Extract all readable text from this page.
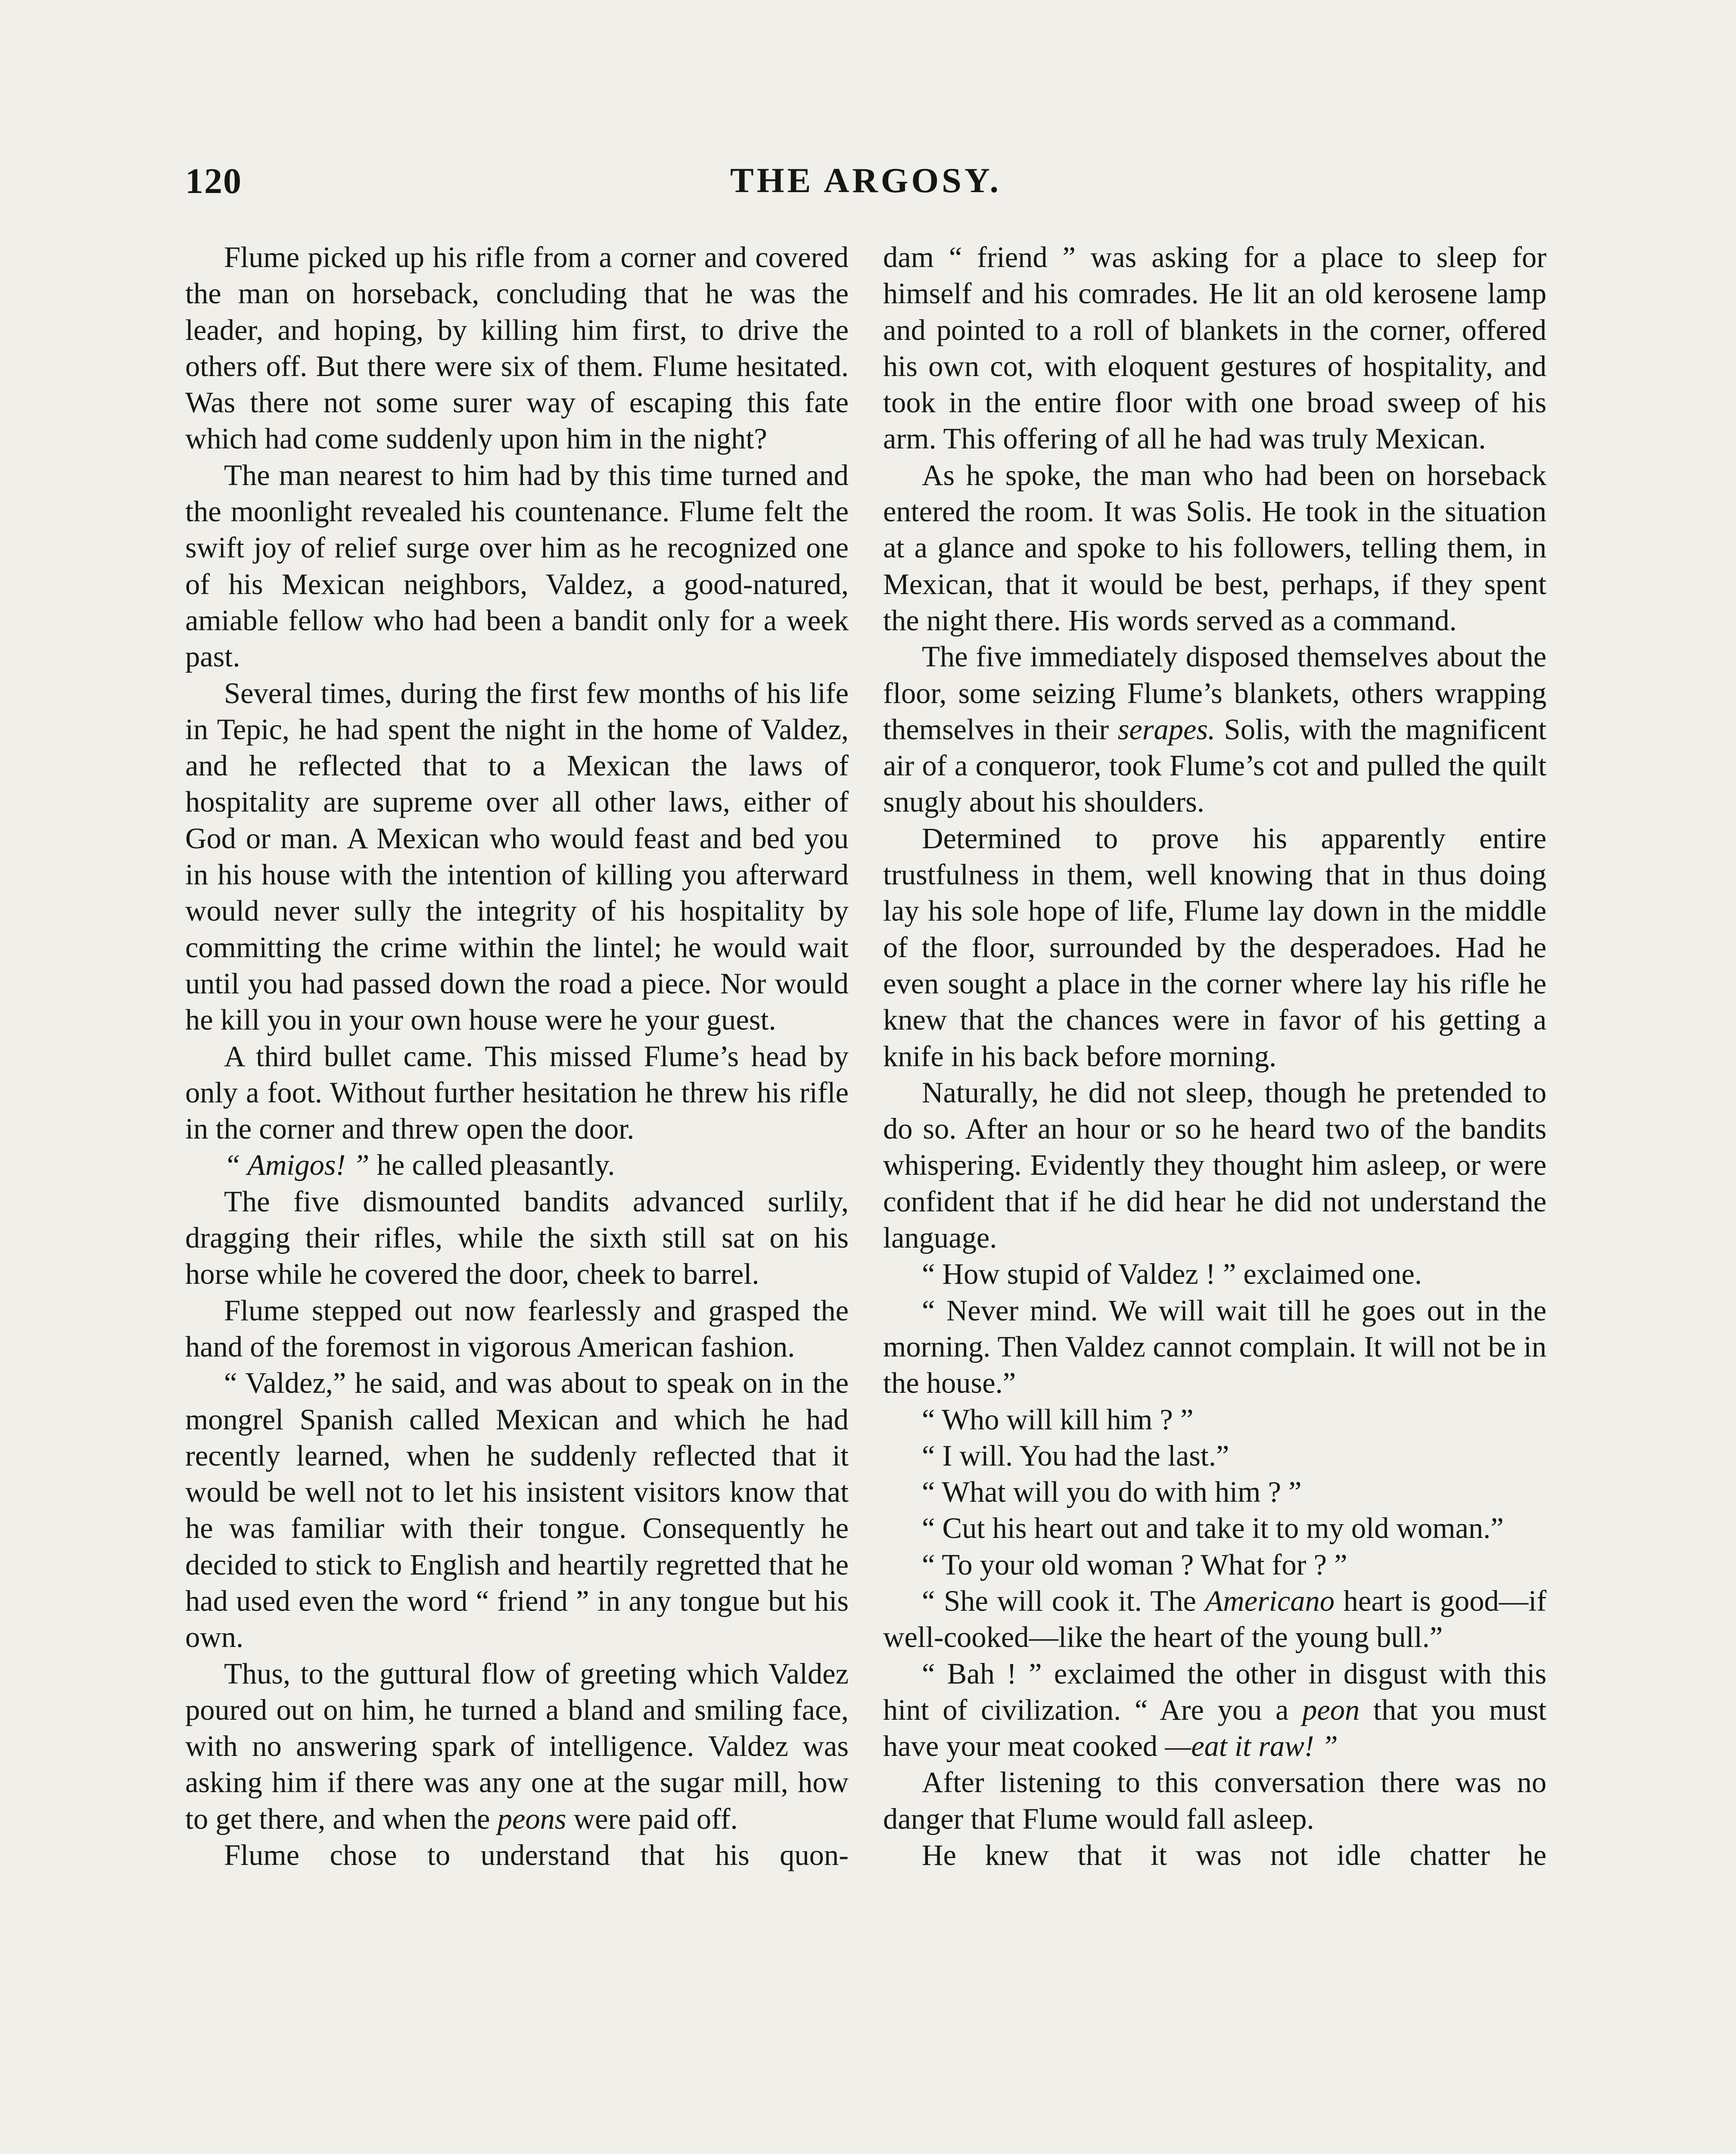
120	THE ARGOSY.

Flume picked up his rifle from a corner and covered the man on horseback, concluding that he was the leader, and hoping, by killing him first, to drive the others off. But there were six of them. Flume hesitated. Was there not some surer way of escaping this fate which had come suddenly upon him in the night?

The man nearest to him had by this time turned and the moonlight revealed his countenance. Flume felt the swift joy of relief surge over him as he recognized one of his Mexican neighbors, Valdez, a good-natured, amiable fellow who had been a bandit only for a week past.

Several times, during the first few months of his life in Tepic, he had spent the night in the home of Valdez, and he reflected that to a Mexican the laws of hospitality are supreme over all other laws, either of God or man. A Mexican who would feast and bed you in his house with the intention of killing you afterward would never sully the integrity of his hospitality by committing the crime within the lintel; he would wait until you had passed down the road a piece. Nor would he kill you in your own house were he your guest.

A third bullet came. This missed Flume’s head by only a foot. Without further hesitation he threw his rifle in the corner and threw open the door.

“ Amigos! ” he called pleasantly.

The five dismounted bandits advanced surlily, dragging their rifles, while the sixth still sat on his horse while he covered the door, cheek to barrel.

Flume stepped out now fearlessly and grasped the hand of the foremost in vigorous American fashion.

“ Valdez,” he said, and was about to speak on in the mongrel Spanish called Mexican and which he had recently learned, when he suddenly reflected that it would be well not to let his insistent visitors know that he was familiar with their tongue. Consequently he decided to stick to English and heartily regretted that he had used even the word “ friend ” in any tongue but his own.

Thus, to the guttural flow of greeting which Valdez poured out on him, he turned a bland and smiling face, with no answering spark of intelligence. Valdez was asking him if there was any one at the sugar mill, how to get there, and when the peons were paid off.

Flume chose to understand that his quon-

dam “ friend ” was asking for a place to sleep for himself and his comrades. He lit an old kerosene lamp and pointed to a roll of blankets in the corner, offered his own cot, with eloquent gestures of hospitality, and took in the entire floor with one broad sweep of his arm. This offering of all he had was truly Mexican.

As he spoke, the man who had been on horseback entered the room. It was Solis. He took in the situation at a glance and spoke to his followers, telling them, in Mexican, that it would be best, perhaps, if they spent the night there. His words served as a command.

The five immediately disposed themselves about the floor, some seizing Flume’s blankets, others wrapping themselves in their serapes. Solis, with the magnificent air of a conqueror, took Flume’s cot and pulled the quilt snugly about his shoulders.

Determined to prove his apparently entire trustfulness in them, well knowing that in thus doing lay his sole hope of life, Flume lay down in the middle of the floor, surrounded by the desperadoes. Had he even sought a place in the corner where lay his rifle he knew that the chances were in favor of his getting a knife in his back before morning.

Naturally, he did not sleep, though he pretended to do so. After an hour or so he heard two of the bandits whispering. Evidently they thought him asleep, or were confident that if he did hear he did not understand the language.

“ How stupid of Valdez ! ” exclaimed one.

“ Never mind. We will wait till he goes out in the morning. Then Valdez cannot complain. It will not be in the house.”

“ Who will kill him ? ”

“ I will. You had the last.”

“ What will you do with him ? ”

“ Cut his heart out and take it to my old woman.”

“ To your old woman ? What for ? ”

“ She will cook it. The Americano heart is good—if well-cooked—like the heart of the young bull.”

“ Bah ! ” exclaimed the other in disgust with this hint of civilization. “ Are you a peon that you must have your meat cooked —eat it raw! ”

After listening to this conversation there was no danger that Flume would fall asleep.

He knew that it was not idle chatter he
